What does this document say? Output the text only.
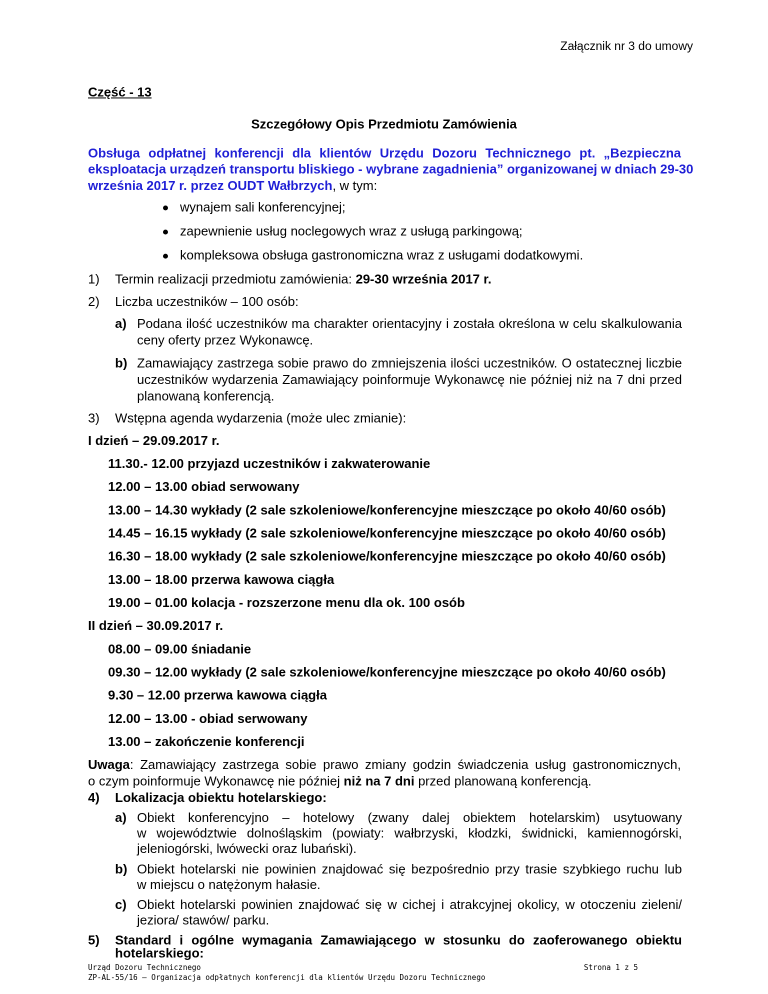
Załącznik nr 3 do umowy
Część - 13
Szczegółowy Opis Przedmiotu Zamówienia
Obsługa odpłatnej konferencji dla klientów Urzędu Dozoru Technicznego pt. „Bezpieczna
eksploatacja urządzeń transportu bliskiego - wybrane zagadnienia” organizowanej w dniach 29-30
września 2017 r. przez OUDT Wałbrzych, w tym:
wynajem sali konferencyjnej;
zapewnienie usług noclegowych wraz z usługą parkingową;
kompleksowa obsługa gastronomiczna wraz z usługami dodatkowymi.
1) Termin realizacji przedmiotu zamówienia: 29-30 września 2017 r.
2) Liczba uczestników – 100 osób:
a) Podana ilość uczestników ma charakter orientacyjny i została określona w celu skalkulowania
ceny oferty przez Wykonawcę.
b) Zamawiający zastrzega sobie prawo do zmniejszenia ilości uczestników. O ostatecznej liczbie
uczestników wydarzenia Zamawiający poinformuje Wykonawcę nie później niż na 7 dni przed
planowaną konferencją.
3) Wstępna agenda wydarzenia (może ulec zmianie):
I dzień – 29.09.2017 r.
11.30.- 12.00 przyjazd uczestników i zakwaterowanie
12.00 – 13.00 obiad serwowany
13.00 – 14.30 wykłady (2 sale szkoleniowe/konferencyjne mieszczące po około 40/60 osób)
14.45 – 16.15 wykłady (2 sale szkoleniowe/konferencyjne mieszczące po około 40/60 osób)
16.30 – 18.00 wykłady (2 sale szkoleniowe/konferencyjne mieszczące po około 40/60 osób)
13.00 – 18.00 przerwa kawowa ciągła
19.00 – 01.00 kolacja - rozszerzone menu dla ok. 100 osób
II dzień – 30.09.2017 r.
08.00 – 09.00 śniadanie
09.30 – 12.00 wykłady (2 sale szkoleniowe/konferencyjne mieszczące po około 40/60 osób)
9.30 – 12.00 przerwa kawowa ciągła
12.00 – 13.00 - obiad serwowany
13.00 – zakończenie konferencji
Uwaga: Zamawiający zastrzega sobie prawo zmiany godzin świadczenia usług gastronomicznych,
o czym poinformuje Wykonawcę nie później niż na 7 dni przed planowaną konferencją.
4) Lokalizacja obiektu hotelarskiego:
a) Obiekt konferencyjno – hotelowy (zwany dalej obiektem hotelarskim) usytuowany
w województwie dolnośląskim (powiaty: wałbrzyski, kłodzki, świdnicki, kamiennogórski,
jeleniogórski, lwówecki oraz lubański).
b) Obiekt hotelarski nie powinien znajdować się bezpośrednio przy trasie szybkiego ruchu lub
w miejscu o natężonym hałasie.
c) Obiekt hotelarski powinien znajdować się w cichej i atrakcyjnej okolicy, w otoczeniu zieleni/
jeziora/ stawów/ parku.
5) Standard i ogólne wymagania Zamawiającego w stosunku do zaoferowanego obiektu
hotelarskiego:
Urząd Dozoru Technicznego
ZP-AL-55/16 – Organizacja odpłatnych konferencji dla klientów Urzędu Dozoru Technicznego
Strona 1 z 5
